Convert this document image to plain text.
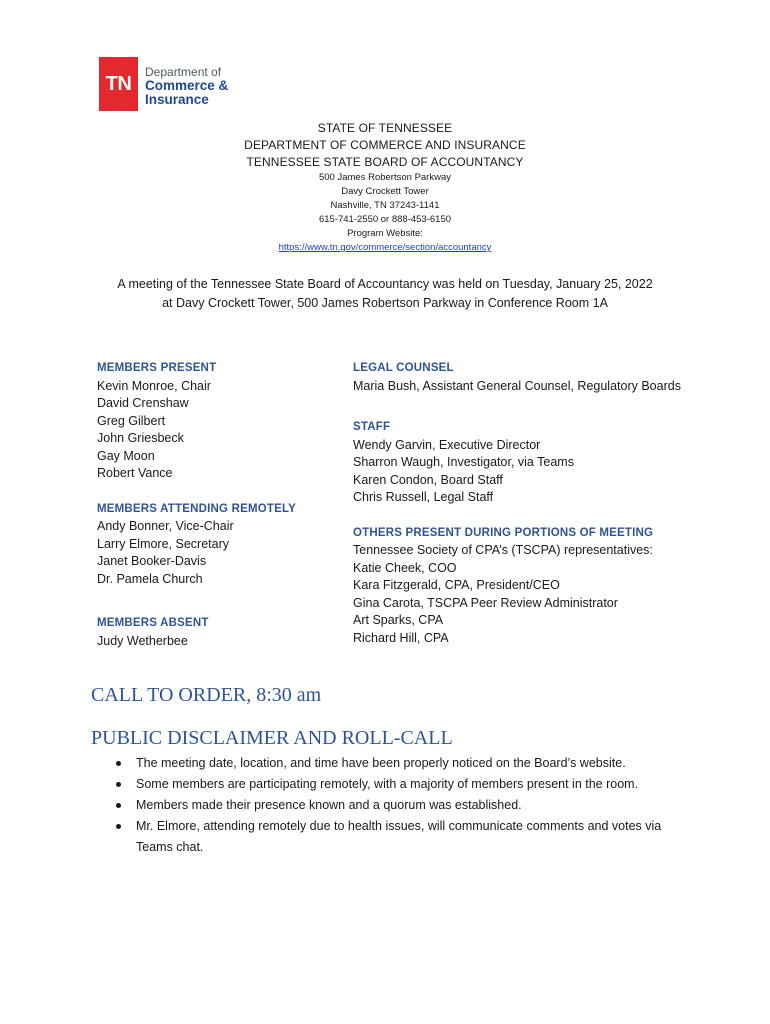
TN
Department of
Commerce &
Insurance
STATE OF TENNESSEE
DEPARTMENT OF COMMERCE AND INSURANCE
TENNESSEE STATE BOARD OF ACCOUNTANCY
500 James Robertson Parkway
Davy Crockett Tower
Nashville, TN 37243-1141
615-741-2550 or 888-453-6150
Program Website:
https://www.tn.gov/commerce/section/accountancy
A meeting of the Tennessee State Board of Accountancy was held on Tuesday, January 25, 2022
at Davy Crockett Tower, 500 James Robertson Parkway in Conference Room 1A
MEMBERS PRESENT
Kevin Monroe, Chair
David Crenshaw
Greg Gilbert
John Griesbeck
Gay Moon
Robert Vance
MEMBERS ATTENDING REMOTELY
Andy Bonner, Vice-Chair
Larry Elmore, Secretary
Janet Booker-Davis
Dr. Pamela Church
MEMBERS ABSENT
Judy Wetherbee
LEGAL COUNSEL
Maria Bush, Assistant General Counsel, Regulatory Boards
STAFF
Wendy Garvin, Executive Director
Sharron Waugh, Investigator, via Teams
Karen Condon, Board Staff
Chris Russell, Legal Staff
OTHERS PRESENT DURING PORTIONS OF MEETING
Tennessee Society of CPA’s (TSCPA) representatives:
Katie Cheek, COO
Kara Fitzgerald, CPA, President/CEO
Gina Carota, TSCPA Peer Review Administrator
Art Sparks, CPA
Richard Hill, CPA
CALL TO ORDER, 8:30 am
PUBLIC DISCLAIMER AND ROLL-CALL
The meeting date, location, and time have been properly noticed on the Board’s website.
Some members are participating remotely, with a majority of members present in the room.
Members made their presence known and a quorum was established.
Mr. Elmore, attending remotely due to health issues, will communicate comments and votes via Teams chat.
